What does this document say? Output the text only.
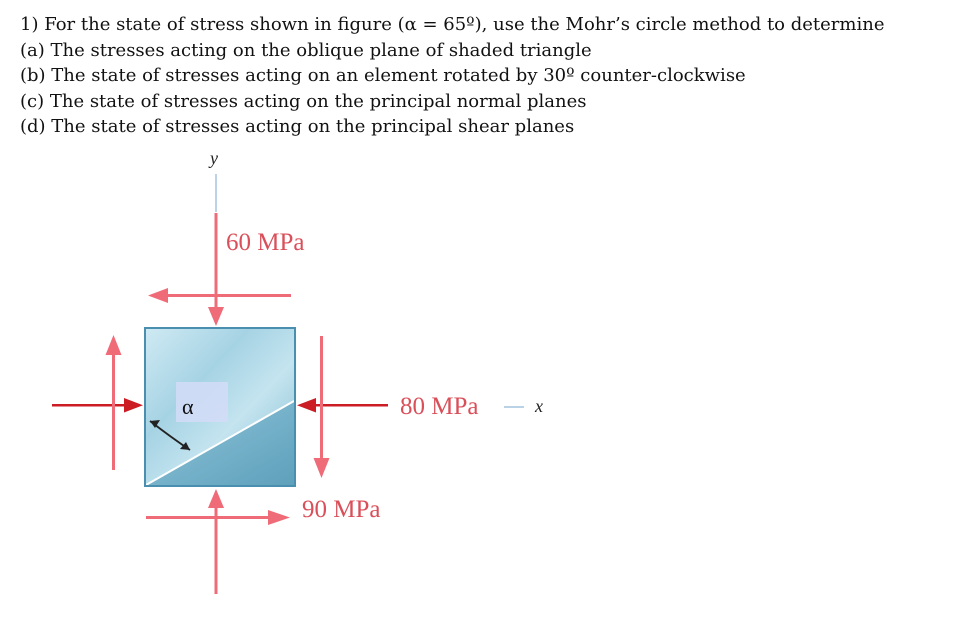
1) For the state of stress shown in figure (α = 65º), use the Mohr’s circle method to determine
(a) The stresses acting on the oblique plane of shaded triangle
(b) The state of stresses acting on an element rotated by 30º counter-clockwise
(c) The state of stresses acting on the principal normal planes
(d) The state of stresses acting on the principal shear planes
y
α
60 MPa
80 MPa	x
90 MPa
